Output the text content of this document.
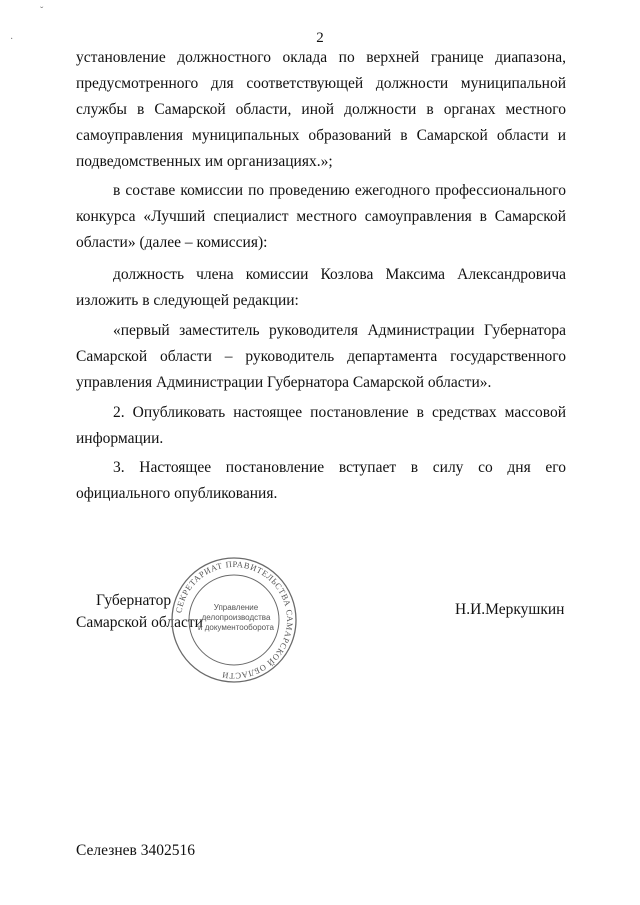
2

установление должностного оклада по верхней границе диапазона, предусмотренного для соответствующей должности муниципальной службы в Самарской области, иной должности в органах местного самоуправления муниципальных образований в Самарской области и подведомственных им организациях.»;

в составе комиссии по проведению ежегодного профессионального конкурса «Лучший специалист местного самоуправления в Самарской области» (далее – комиссия):

должность члена комиссии Козлова Максима Александровича изложить в следующей редакции:

«первый заместитель руководителя Администрации Губернатора Самарской области – руководитель департамента государственного управления Администрации Губернатора Самарской области».

2. Опубликовать настоящее постановление в средствах массовой информации.

3. Настоящее постановление вступает в силу со дня его официального опубликования.

Губернатор
Самарской области
СЕКРЕТАРИАТ ПРАВИТЕЛЬСТВА САМАРСКОЙ ОБЛАСТИ
Управление
делопроизводства
и документооборота
Н.И.Меркушкин
Селезнев 3402516
ˇ
·
